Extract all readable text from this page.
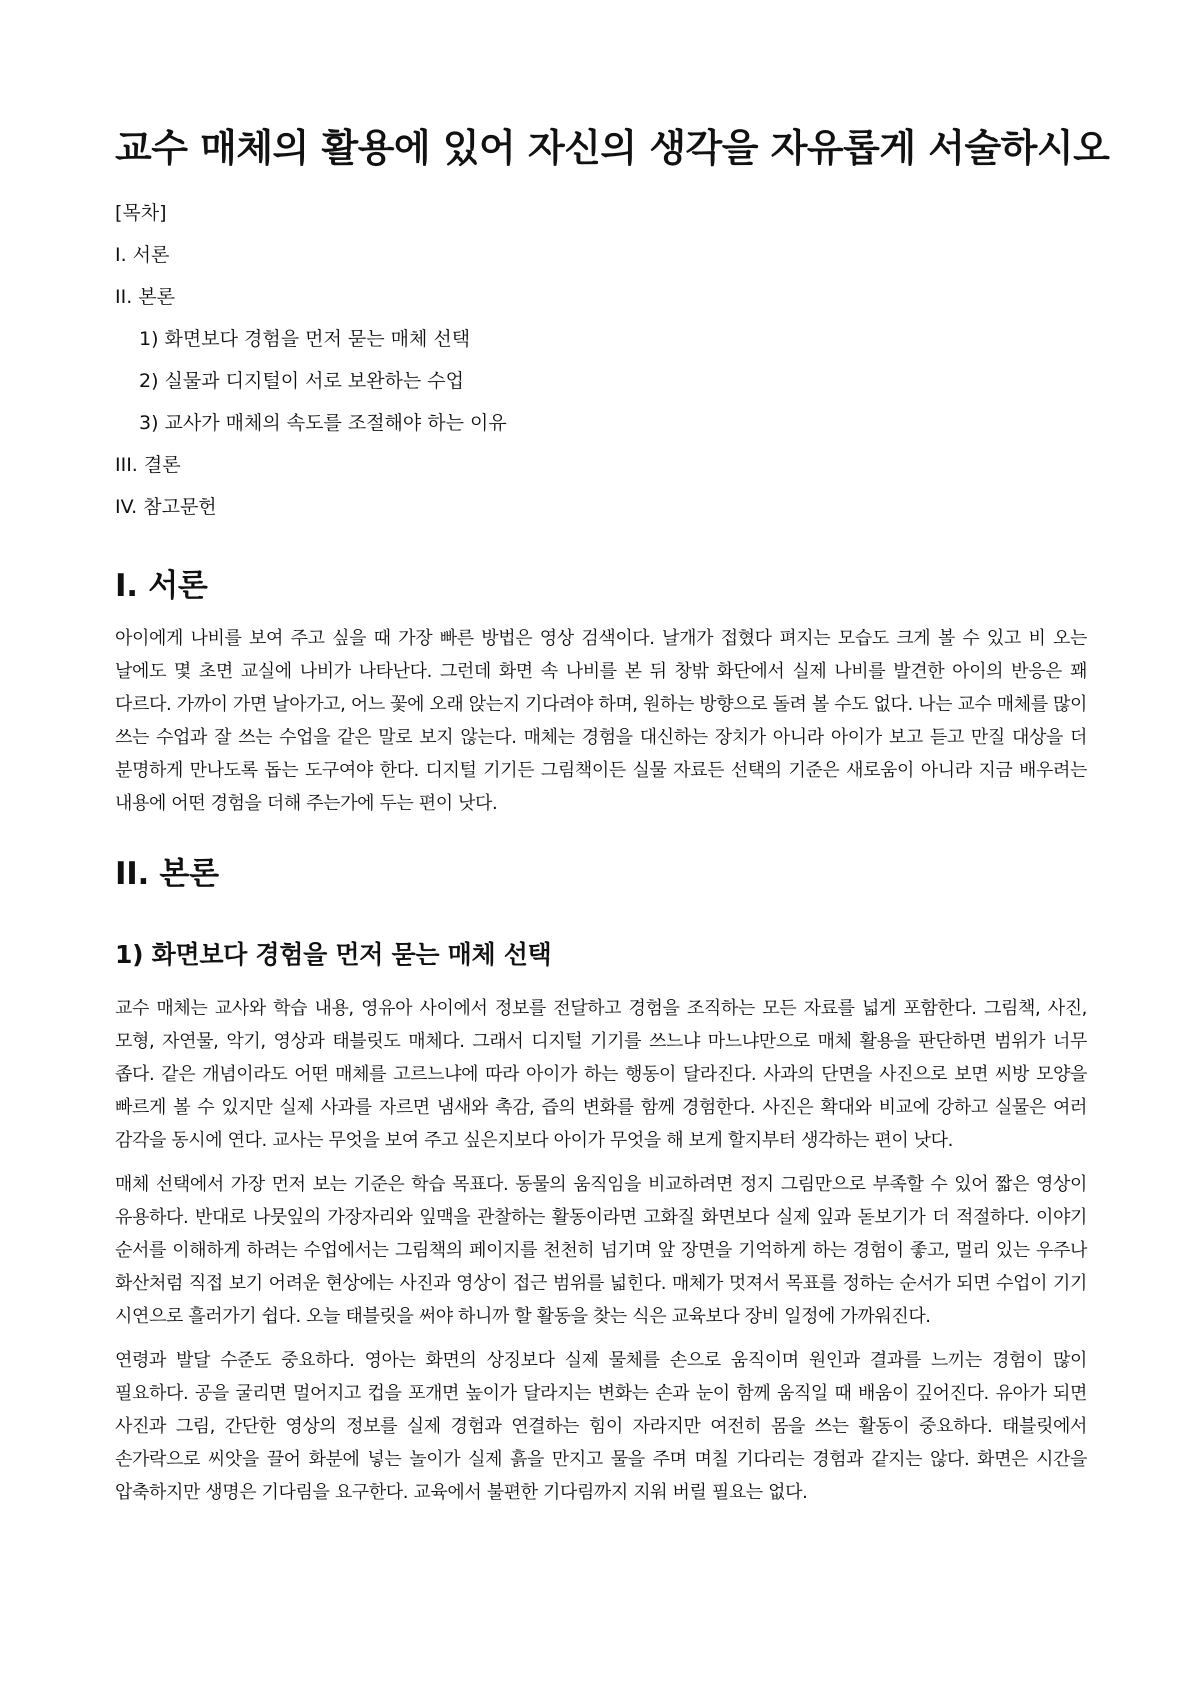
교수 매체의 활용에 있어 자신의 생각을 자유롭게 서술하시오
[목차]
I. 서론
II. 본론
1) 화면보다 경험을 먼저 묻는 매체 선택
2) 실물과 디지털이 서로 보완하는 수업
3) 교사가 매체의 속도를 조절해야 하는 이유
III. 결론
IV. 참고문헌
I. 서론

아이에게 나비를 보여 주고 싶을 때 가장 빠른 방법은 영상 검색이다. 날개가 접혔다 펴지는 모습도 크게 볼 수 있고 비 오는 날에도 몇 초면 교실에 나비가 나타난다. 그런데 화면 속 나비를 본 뒤 창밖 화단에서 실제 나비를 발견한 아이의 반응은 꽤 다르다. 가까이 가면 날아가고, 어느 꽃에 오래 앉는지 기다려야 하며, 원하는 방향으로 돌려 볼 수도 없다. 나는 교수 매체를 많이 쓰는 수업과 잘 쓰는 수업을 같은 말로 보지 않는다. 매체는 경험을 대신하는 장치가 아니라 아이가 보고 듣고 만질 대상을 더 분명하게 만나도록 돕는 도구여야 한다. 디지털 기기든 그림책이든 실물 자료든 선택의 기준은 새로움이 아니라 지금 배우려는 내용에 어떤 경험을 더해 주는가에 두는 편이 낫다.

II. 본론
1) 화면보다 경험을 먼저 묻는 매체 선택

교수 매체는 교사와 학습 내용, 영유아 사이에서 정보를 전달하고 경험을 조직하는 모든 자료를 넓게 포함한다. 그림책, 사진, 모형, 자연물, 악기, 영상과 태블릿도 매체다. 그래서 디지털 기기를 쓰느냐 마느냐만으로 매체 활용을 판단하면 범위가 너무 좁다. 같은 개념이라도 어떤 매체를 고르느냐에 따라 아이가 하는 행동이 달라진다. 사과의 단면을 사진으로 보면 씨방 모양을 빠르게 볼 수 있지만 실제 사과를 자르면 냄새와 촉감, 즙의 변화를 함께 경험한다. 사진은 확대와 비교에 강하고 실물은 여러 감각을 동시에 연다. 교사는 무엇을 보여 주고 싶은지보다 아이가 무엇을 해 보게 할지부터 생각하는 편이 낫다.

매체 선택에서 가장 먼저 보는 기준은 학습 목표다. 동물의 움직임을 비교하려면 정지 그림만으로 부족할 수 있어 짧은 영상이 유용하다. 반대로 나뭇잎의 가장자리와 잎맥을 관찰하는 활동이라면 고화질 화면보다 실제 잎과 돋보기가 더 적절하다. 이야기 순서를 이해하게 하려는 수업에서는 그림책의 페이지를 천천히 넘기며 앞 장면을 기억하게 하는 경험이 좋고, 멀리 있는 우주나 화산처럼 직접 보기 어려운 현상에는 사진과 영상이 접근 범위를 넓힌다. 매체가 멋져서 목표를 정하는 순서가 되면 수업이 기기 시연으로 흘러가기 쉽다. 오늘 태블릿을 써야 하니까 할 활동을 찾는 식은 교육보다 장비 일정에 가까워진다.

연령과 발달 수준도 중요하다. 영아는 화면의 상징보다 실제 물체를 손으로 움직이며 원인과 결과를 느끼는 경험이 많이 필요하다. 공을 굴리면 멀어지고 컵을 포개면 높이가 달라지는 변화는 손과 눈이 함께 움직일 때 배움이 깊어진다. 유아가 되면 사진과 그림, 간단한 영상의 정보를 실제 경험과 연결하는 힘이 자라지만 여전히 몸을 쓰는 활동이 중요하다. 태블릿에서 손가락으로 씨앗을 끌어 화분에 넣는 놀이가 실제 흙을 만지고 물을 주며 며칠 기다리는 경험과 같지는 않다. 화면은 시간을 압축하지만 생명은 기다림을 요구한다. 교육에서 불편한 기다림까지 지워 버릴 필요는 없다.
